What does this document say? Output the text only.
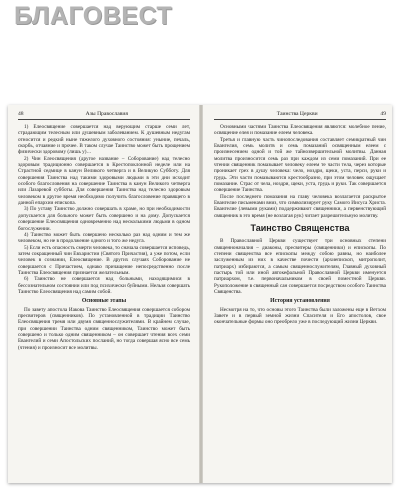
БЛАГОВЕСТ
48	Азы Православия

1) Елеосвящение совершается над верующим старше семи лет, страдающим телесным или душевным заболеванием. К душевным недугам относится и редкий ныне тяжелого духовного состояния: уныние, печаль, скорбь, отчаяние и прочее. В таком случае Таинство может быть прощением физически здоровому (лишь у)…

2) Чин Елеосвящения (другое название – Соборование) над телесно здоровым традиционно совершается в Крестопоклонной неделе или на Страстной седмице в канун Великого четверга и в Великую Субботу. Для совершения Таинства над такими здоровыми людьми в эти дни исходит особого благословения на совершение Таинства в канун Великого четверга или Лазаревой субботы. Для совершения Таинства над телесно здоровым человеком в другое время необходимо получить благословение правящего в данной епархии епископа.

3) По уставу Таинство должно совершать в храме, но при необходимости допускается для больного может быть совершено и на дому. Допускается совершение Елеосвящения одновременно над несколькими людьми в одном богослужении.

4) Таинство может быть совершено несколько раз над одним и тем же человеком, но не в продолжение одного и того же недуга.

5) Если есть опасность смерти человека, то сначала совершается исповедь, затем сокращенный чин Евхаристии (Святого Причастия), а уже потом, если человек в сознании, Елеосвящение. В других случаях Соборование не совершается с Причастием, однако причащение непосредственно после Таинства Елеосвящения признается желательным.

6) Таинство не совершается над больными, находящимися в бессознательном состоянии или под психически буйными. Нельзя совершать Таинство Елеосвящения над самим собой.

Основные этапы

По завету апостола Иакова Таинство Елеосвящения совершается собором пресвитеров (священников). По установленной в традиции Таинство Елеосвящения тремя или двумя священнослужителями. В крайнем случае, при совершении Таинства одним священником, Таинство может быть совершено и только одним священником – он совершает чтения всех семи Евангелий и семи Апостольских посланий, но тогда совершая ясно все семь (чтения) и произносит все молитвы.

Таинства Церкви	49

Основными частями Таинства Елеосвящения являются: молебное пение, освящение елея и помазание елеем человека.

Третья и главную часть чинопоследования составляет семикратный чин Евангелия, семь молитв и семь помазаний освященным елеем с произнесением одной и той же тайнозвершительной молитвы. Данная молитва произносится семь раз при каждом из семи помазаний. При ее чтении священник помазывает человеку елеем те части тела, через которые проникает грех в душу человека: чело, ноздри, щеки, уста, перси, руки и грудь. Эти части помазываются крестообразно, при этом человек ощущает помазание. Страс от чела, ноздри, щеки, уста, грудь и руки. Так совершается совершение Таинства.

После последнего помазания на главу человека возлагается раскрытое Евангелие письменами вниз, что символизирует руку Самого Иисуса Христа. Евангелие (левыми руками) поддерживают священники, а первенствующий священник в это время (не возлагая рук) читает разрешительную молитву.

Таинство Священства

В Православной Церкви существует три основных степени священноначалия – диаконы, пресвитеры (священники) и епископы. По степени священства все епископы между собою равны, но наиболее заслуженным из них в качестве почести (архиепископ, митрополит, патриарх) избираются, а самым священнослужителям, Главный духовный пастырь той или иной автокефальной Православной Церкви именуется патриархом, т.е. первоначальником в своей поместной Церкви. Рукоположение в священный сан совершается посредством особого Таинства Священства.

История установления

Несмотря на то, что основы этого Таинства были заложены еще в Ветхом Завете и в первый земной жизни Спасителя и Его апостолов, свое окончательные формы оно преобрело уже в последующий жизни Церкви.
